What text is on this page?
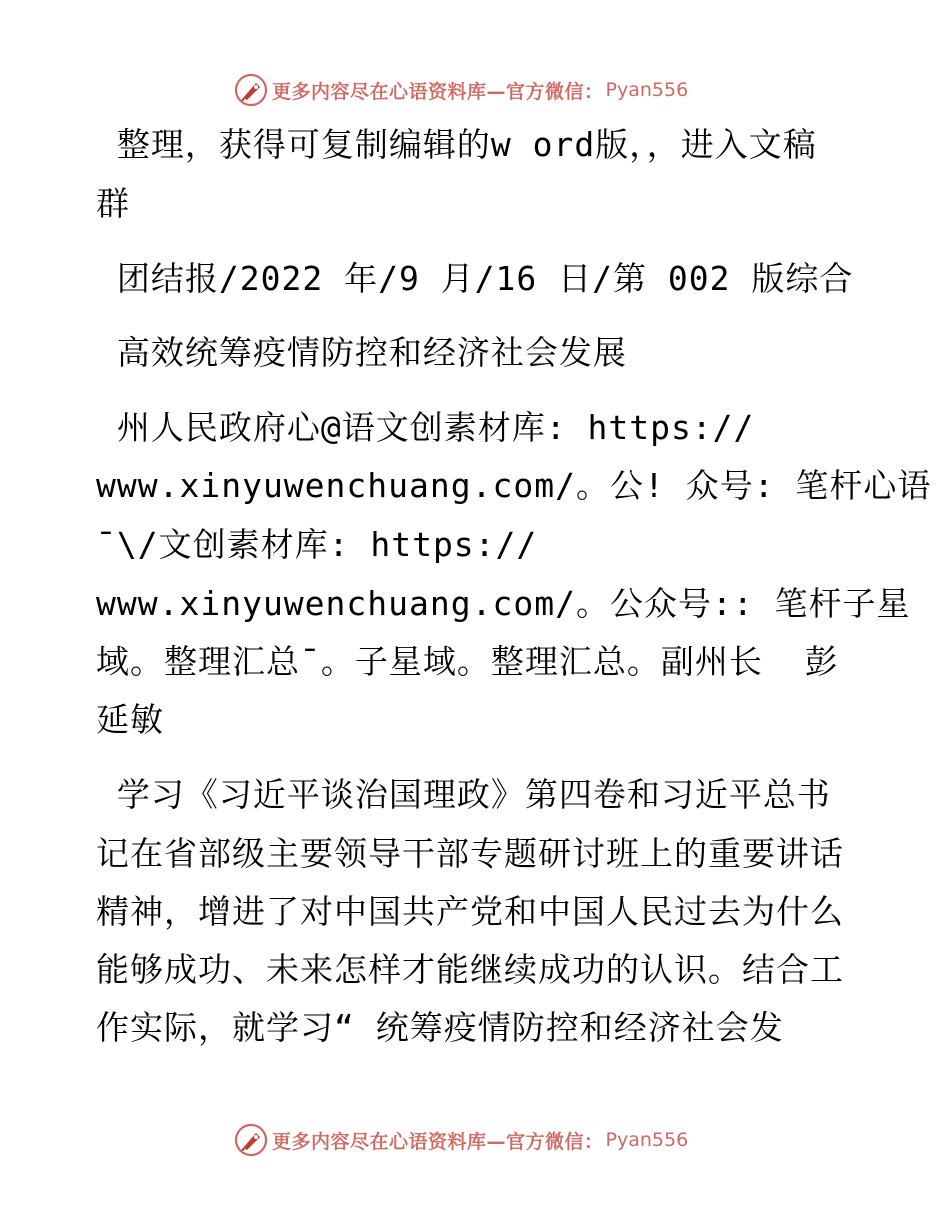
更多内容尽在心语资料库—官方微信： Pyan556
整理，获得可复制编辑的w ord版，，进入文稿
群
团结报/2022 年/9 月/16 日/第 002 版综合
高效统筹疫情防控和经济社会发展
州人民政府心@语文创素材库: https://
www.xinyuwenchuang.com/。公! 众号: 笔杆心语
¯\/文创素材库: https://
www.xinyuwenchuang.com/。公众号:: 笔杆子星
域。整理汇总¯。子星域。整理汇总。副州长  彭
延敏
学习《习近平谈治国理政》第四卷和习近平总书
记在省部级主要领导干部专题研讨班上的重要讲话
精神，增进了对中国共产党和中国人民过去为什么
能够成功、未来怎样才能继续成功的认识。结合工
作实际，就学习“ 统筹疫情防控和经济社会发
更多内容尽在心语资料库—官方微信： Pyan556
